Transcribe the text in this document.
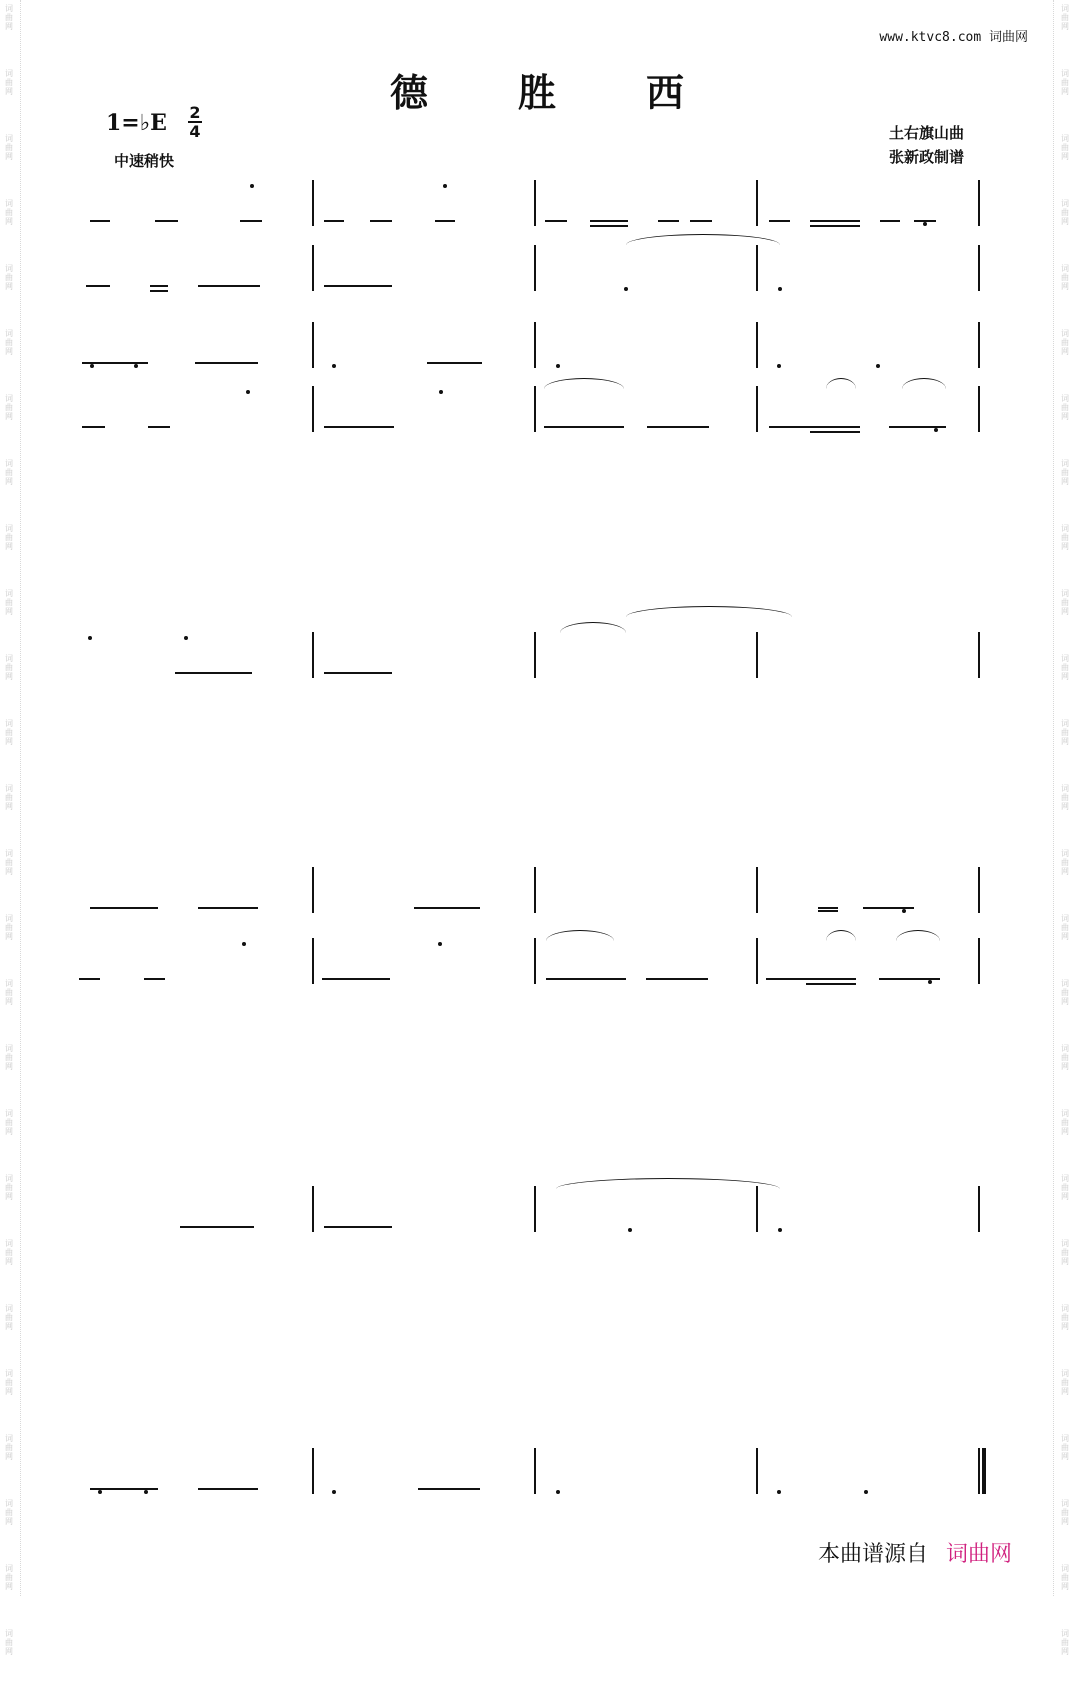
词
曲
网
词
曲
网
词
曲
网
词
曲
网
词
曲
网
词
曲
网
词
曲
网
词
曲
网
词
曲
网
词
曲
网
词
曲
网
词
曲
网
词
曲
网
词
曲
网
词
曲
网
词
曲
网
词
曲
网
词
曲
网
词
曲
网
词
曲
网
词
曲
网
词
曲
网
词
曲
网
词
曲
网
词
曲
网
词
曲
网
词
曲
网
词
曲
网
词
曲
网
词
曲
网
词
曲
网
词
曲
网
词
曲
网
词
曲
网
词
曲
网
词
曲
网
词
曲
网
词
曲
网
词
曲
网
词
曲
网
词
曲
网
词
曲
网
词
曲
网
词
曲
网
词
曲
网
词
曲
网
词
曲
网
词
曲
网
词
曲
网
词
曲
网
词
曲
网
词
曲
网
www.ktvc8.com 词曲网
德胜西
1=♭E 2
4
中速稍快
土右旗山曲
张新政制谱
本曲谱源自 词曲网
